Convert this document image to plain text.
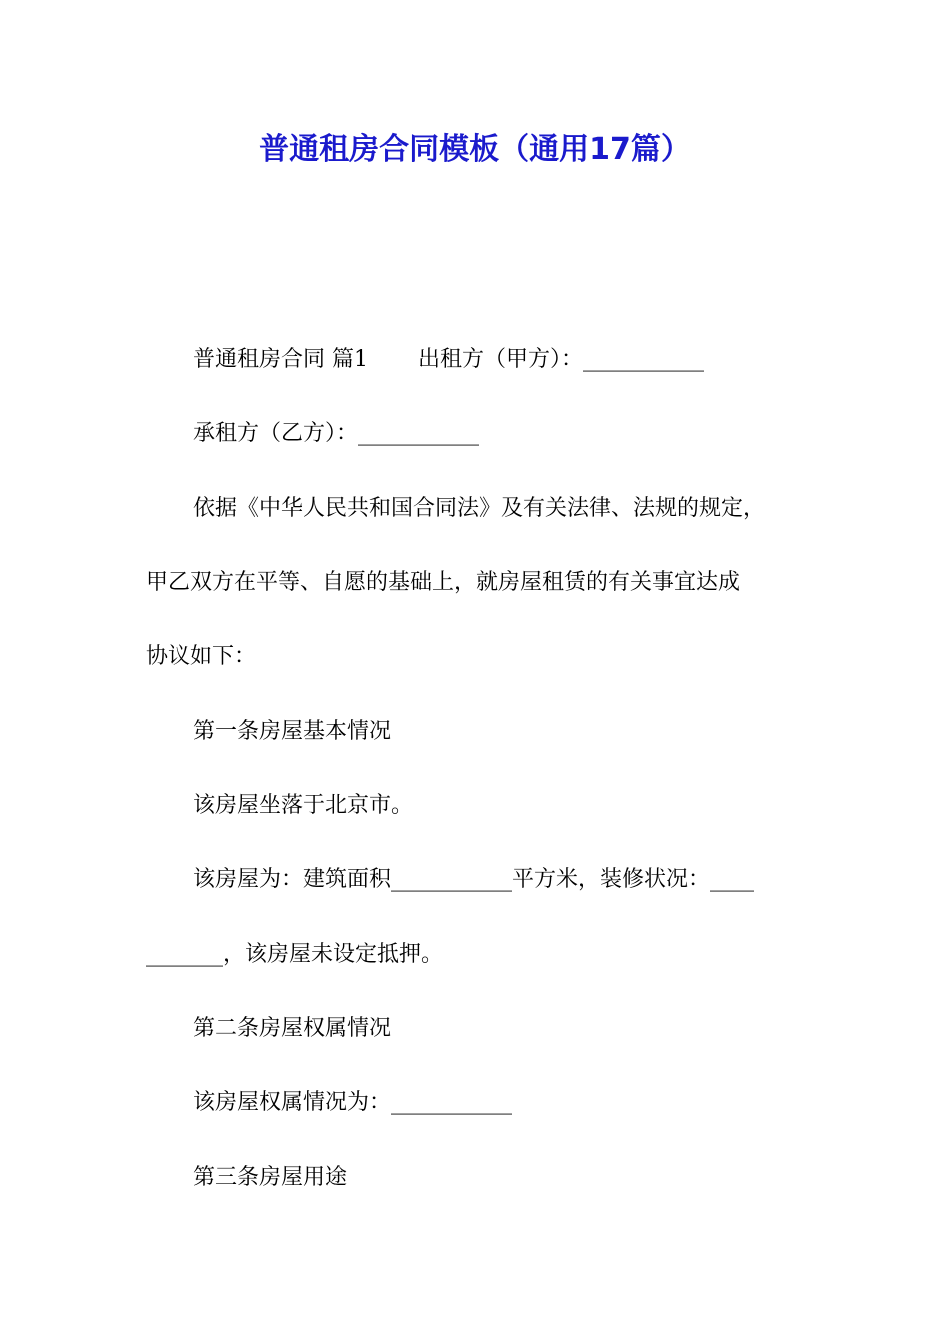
普通租房合同模板（通用17篇）
普通租房合同 篇1 出租方（甲方）：___________
承租方（乙方）：___________
依据《中华人民共和国合同法》及有关法律、法规的规定，
甲乙双方在平等、自愿的基础上，就房屋租赁的有关事宜达成
协议如下：
第一条房屋基本情况
该房屋坐落于北京市。
该房屋为：建筑面积___________平方米，装修状况：____
_______，该房屋未设定抵押。
第二条房屋权属情况
该房屋权属情况为：___________
第三条房屋用途
